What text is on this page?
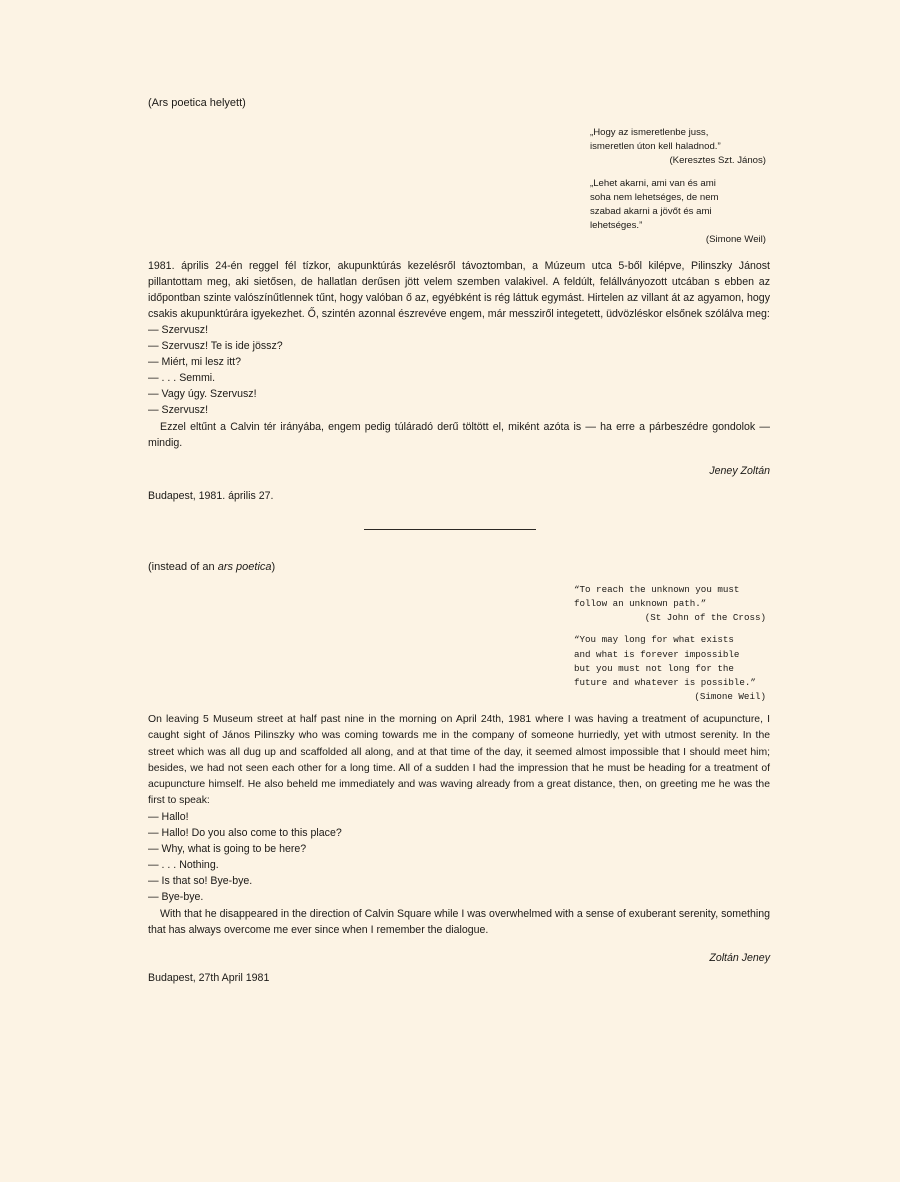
(Ars poetica helyett)

„Hogy az ismeretlenbe juss,
ismeretlen úton kell haladnod.”
(Keresztes Szt. János)

„Lehet akarni, ami van és ami
soha nem lehetséges, de nem
szabad akarni a jövőt és ami
lehetséges.”
(Simone Weil)

1981. április 24-én reggel fél tízkor, akupunktúrás kezelésről távoztomban, a Múzeum utca 5-ből kilépve, Pilinszky Jánost pillantottam meg, aki sietősen, de hallatlan derűsen jött velem szemben valakivel. A feldúlt, felállványozott utcában s ebben az időpontban szinte valószínűtlennek tűnt, hogy valóban ő az, egyébként is rég láttuk egymást. Hirtelen az villant át az agyamon, hogy csakis akupunktúrára igyekezhet. Ő, szintén azonnal észrevéve engem, már messziről integetett, üdvözléskor elsőnek szólálva meg:

— Szervusz!
— Szervusz! Te is ide jössz?
— Miért, mi lesz itt?
— . . . Semmi.
— Vagy úgy. Szervusz!
— Szervusz!

Ezzel eltűnt a Calvin tér irányába, engem pedig túláradó derű töltött el, miként azóta is — ha erre a párbeszédre gondolok — mindig.

Jeney Zoltán

Budapest, 1981. április 27.

(instead of an ars poetica)

“To reach the unknown you must
follow an unknown path.”
(St John of the Cross)

“You may long for what exists
and what is forever impossible
but you must not long for the
future and whatever is possible.”
(Simone Weil)

On leaving 5 Museum street at half past nine in the morning on April 24th, 1981 where I was having a treatment of acupuncture, I caught sight of János Pilinszky who was coming towards me in the company of someone hurriedly, yet with utmost serenity. In the street which was all dug up and scaffolded all along, and at that time of the day, it seemed almost impossible that I should meet him; besides, we had not seen each other for a long time. All of a sudden I had the impression that he must be heading for a treatment of acupuncture himself. He also beheld me immediately and was waving already from a great distance, then, on greeting me he was the first to speak:

— Hallo!
— Hallo! Do you also come to this place?
— Why, what is going to be here?
— . . . Nothing.
— Is that so! Bye-bye.
— Bye-bye.

With that he disappeared in the direction of Calvin Square while I was overwhelmed with a sense of exuberant serenity, something that has always overcome me ever since when I remember the dialogue.

Zoltán Jeney

Budapest, 27th April 1981
